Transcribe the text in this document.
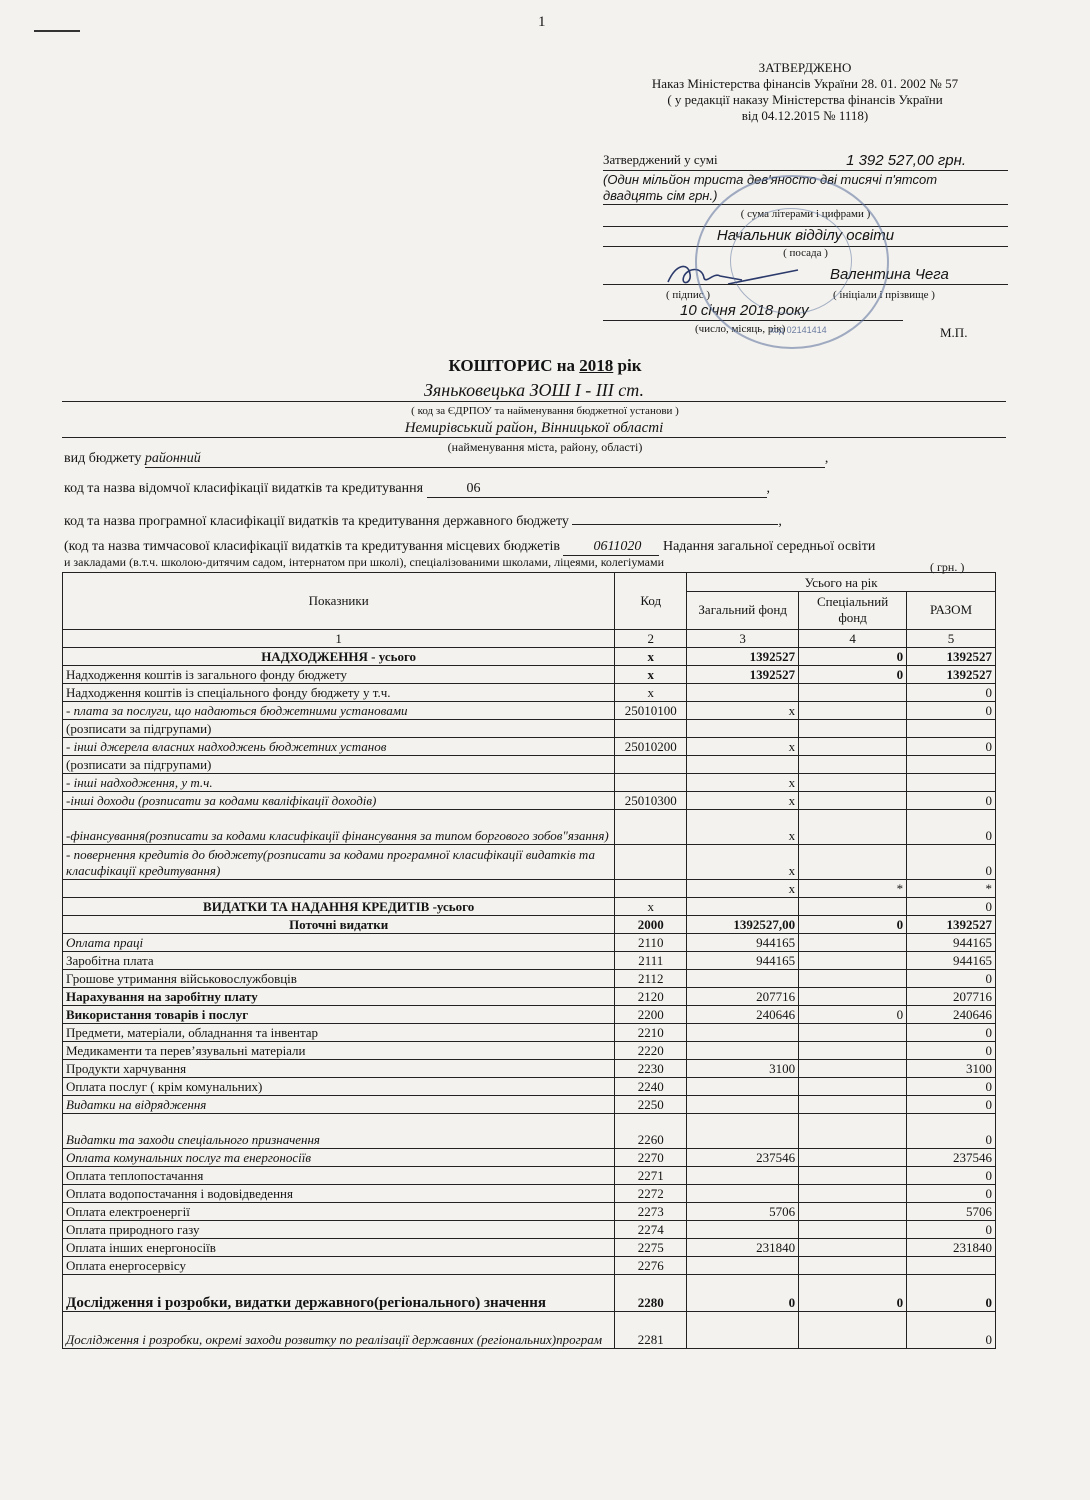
1
ЗАТВЕРДЖЕНО
Наказ Міністерства фінансів України 28. 01. 2002 № 57
( у редакції наказу Міністерства фінансів України
від 04.12.2015 № 1118)
Затверджений у сумі	1 392 527,00 грн.
(Один мільйон триста дев'яносто дві тисячі п'ятсот
двадцять сім грн.)
( сума літерами і цифрами )
Начальник відділу освіти
( посада )
Валентина Чега
( підпис )	( ініціали і прізвище )
10 січня 2018 року
(число, місяць, рік)	М.П.
код 02141414
КОШТОРИС на 2018 рік
Зяньковецька ЗОШ І - ІІІ ст.
( код за ЄДРПОУ та найменування бюджетної установи )
Немирівський район, Вінницької області
(найменування міста, району, області)
вид бюджету районний	,
код та назва відомчої класифікації видатків та кредитування	06	,
код та назва програмної класифікації видатків та кредитування державного бюджету	,
(код та назва тимчасової класифікації видатків та кредитування місцевих бюджетів 0611020 Надання загальної середньої освіти
и закладами (в.т.ч. школою-дитячим садом, інтернатом при школі), спеціалізованими школами, ліцеями, колегіумами	( грн. )
Показники	Код	Усього на рік		
		Загальний фонд	Спеціальний фонд	РАЗОМ
1	2	3	4	5
НАДХОДЖЕННЯ - усього	х	1392527	0	1392527
Надходження коштів із загального фонду бюджету	х	1392527	0	1392527
Надходження коштів із спеціального фонду бюджету у т.ч.	х			0
- плата за послуги, що надаються бюджетними установами	25010100	х		0
(розписати за підгрупами)				
- інші джерела власних надходжень бюджетних установ	25010200	х		0
(розписати за підгрупами)				
- інші надходження, у т.ч.		х		
-інші доходи (розписати за кодами кваліфікації доходів)	25010300	х		0
-фінансування(розписати за кодами класифікації фінансування за типом боргового зобов"язання)		х		0
- повернення кредитів до бюджету(розписати за кодами програмної класифікації видатків та класифікації кредитування)		х		0
		х	*	*
ВИДАТКИ ТА НАДАННЯ КРЕДИТІВ -усього	х			0
Поточні видатки	2000	1392527,00	0	1392527
Оплата праці	2110	944165		944165
Заробітна плата	2111	944165		944165
Грошове утримання військовослужбовців	2112			0
Нарахування на заробітну плату	2120	207716		207716
Використання товарів і послуг	2200	240646	0	240646
Предмети, матеріали, обладнання та інвентар	2210			0
Медикаменти та перев’язувальні матеріали	2220			0
Продукти харчування	2230	3100		3100
Оплата послуг ( крім комунальних)	2240			0
Видатки на відрядження	2250			0
Видатки та заходи спеціального призначення	2260			0
Оплата комунальних послуг та енергоносіїв	2270	237546		237546
Оплата теплопостачання	2271			0
Оплата водопостачання і водовідведення	2272			0
Оплата електроенергії	2273	5706		5706
Оплата природного газу	2274			0
Оплата інших енергоносіїв	2275	231840		231840
Оплата енергосервісу	2276			
Дослідження і розробки, видатки державного(регіонального) значення	2280	0	0	0
Дослідження і розробки, окремі заходи розвитку по реалізації державних (регіональних)програм	2281			0
